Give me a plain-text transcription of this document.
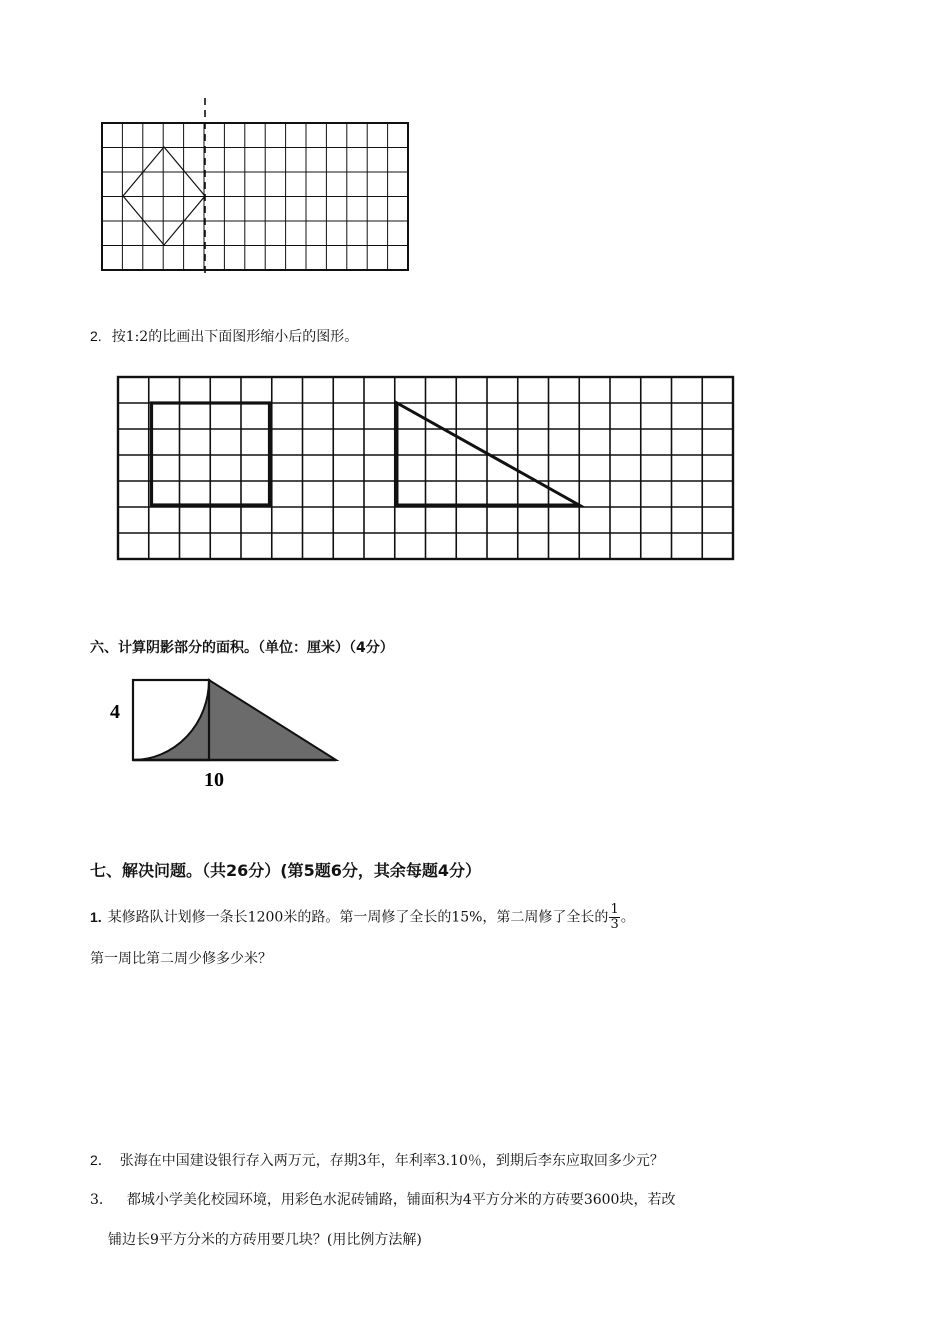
2. 按1:2的比画出下面图形缩小后的图形。
六、计算阴影部分的面积。（单位：厘米）（4分）
4
10
七、解决问题。（共26分）(第5题6分，其余每题4分）
1. 某修路队计划修一条长1200米的路。第一周修了全长的15%，第二周修了全长的 $\frac{1}{3}$ 。
第一周比第二周少修多少米？
2． 张海在中国建设银行存入两万元，存期3年，年利率3.10％，到期后李东应取回多少元？
3． 都城小学美化校园环境，用彩色水泥砖铺路，铺面积为4平方分米的方砖要3600块，若改
铺边长9平方分米的方砖用要几块？(用比例方法解)
